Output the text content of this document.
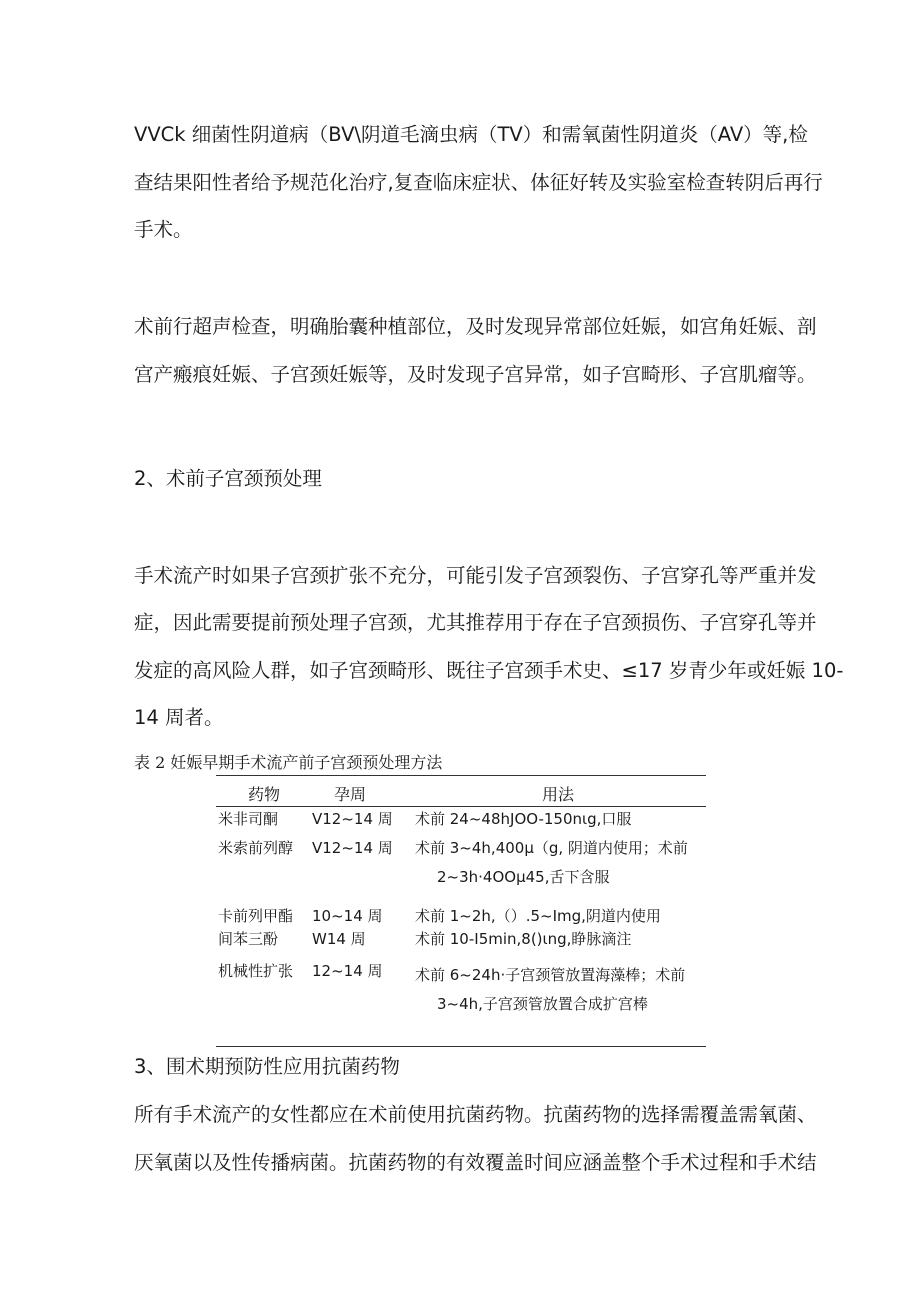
VVCk 细菌性阴道病（BV\阴道毛滴虫病（TV）和需氧菌性阴道炎（AV）等,检
查结果阳性者给予规范化治疗,复查临床症状、体征好转及实验室检查转阴后再行
手术。
术前行超声检查，明确胎囊种植部位，及时发现异常部位妊娠，如宫角妊娠、剖
宫产瘢痕妊娠、子宫颈妊娠等，及时发现子宫异常，如子宫畸形、子宫肌瘤等。
2、术前子宫颈预处理
手术流产时如果子宫颈扩张不充分，可能引发子宫颈裂伤、子宫穿孔等严重并发
症，因此需要提前预处理子宫颈，尤其推荐用于存在子宫颈损伤、子宫穿孔等并
发症的高风险人群，如子宫颈畸形、既往子宫颈手术史、≤17 岁青少年或妊娠 10-
14 周者。
表 2 妊娠早期手术流产前子宫颈预处理方法
药物	孕周	用法
米非司酮 V12~14 周 术前 24~48hJOO-150nιg,口服
米索前列醇 V12~14 周 术前 3~4h,400μ（g, 阴道内使用；术前
2~3h·4OOμ45,舌下含服
卡前列甲酯 10~14 周 术前 1~2h,（）.5~Img,阴道内使用
间苯三酚 W14 周	术前 10-I5min,8()ιng,睁脉滴注
机械性扩张 12~14 周 术前 6~24h·子宫颈管放置海藻棒；术前
3~4h,子宫颈管放置合成扩宫棒
3、围术期预防性应用抗菌药物
所有手术流产的女性都应在术前使用抗菌药物。抗菌药物的选择需覆盖需氧菌、
厌氧菌以及性传播病菌。抗菌药物的有效覆盖时间应涵盖整个手术过程和手术结
